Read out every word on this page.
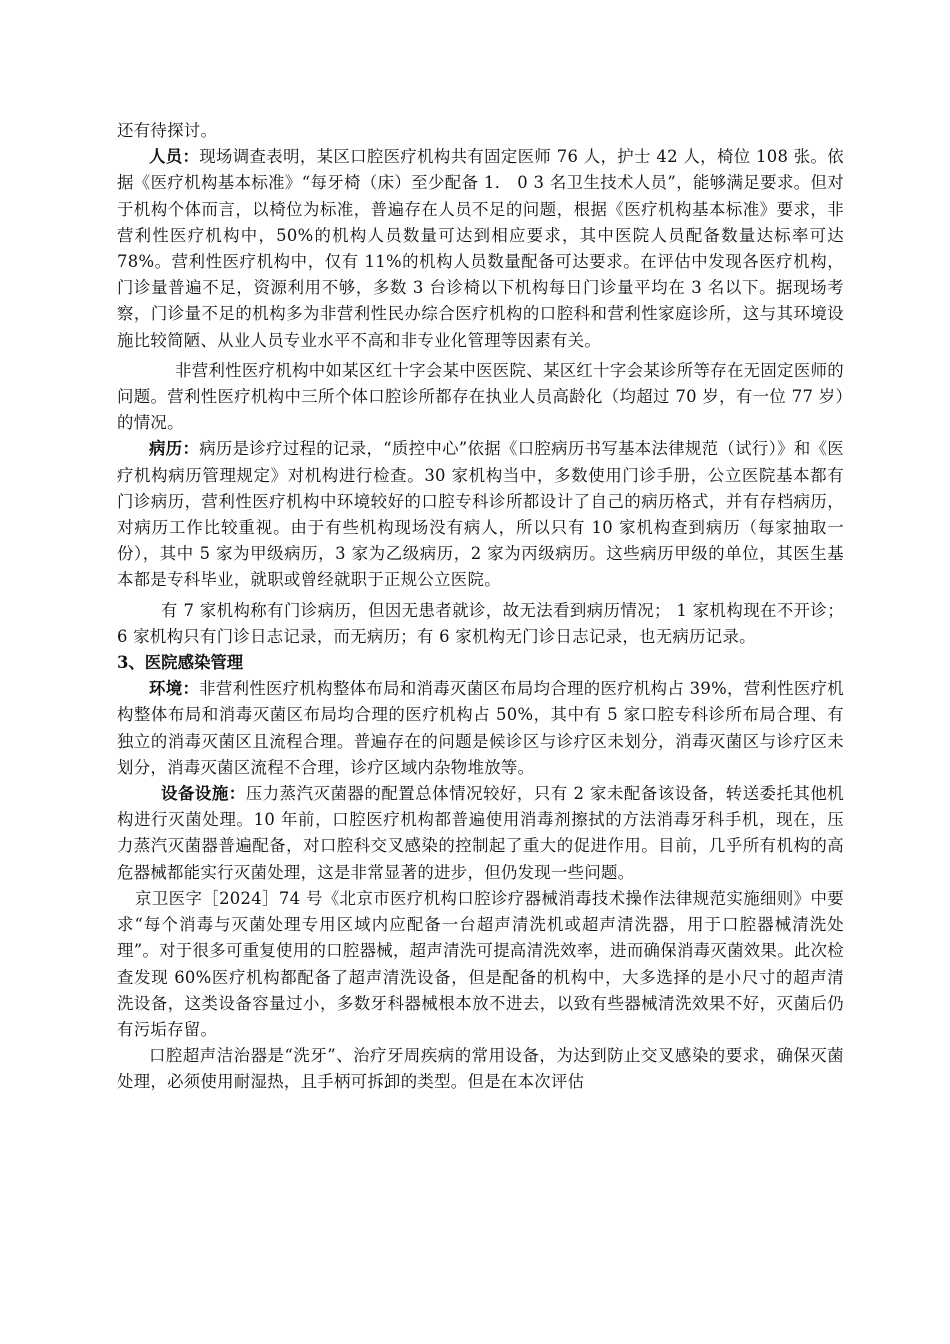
还有待探讨。

人员：现场调查表明，某区口腔医疗机构共有固定医师 76 人，护士 42 人，椅位 108 张。依据《医疗机构基本标准》“每牙椅（床）至少配备 1． 0 3 名卫生技术人员”，能够满足要求。但对于机构个体而言，以椅位为标准，普遍存在人员不足的问题，根据《医疗机构基本标准》要求，非营利性医疗机构中，50%的机构人员数量可达到相应要求，其中医院人员配备数量达标率可达 78%。营利性医疗机构中，仅有 11%的机构人员数量配备可达要求。在评估中发现各医疗机构，门诊量普遍不足，资源利用不够，多数 3 台诊椅以下机构每日门诊量平均在 3 名以下。据现场考察，门诊量不足的机构多为非营利性民办综合医疗机构的口腔科和营利性家庭诊所，这与其环境设施比较简陋、从业人员专业水平不高和非专业化管理等因素有关。

非营利性医疗机构中如某区红十字会某中医医院、某区红十字会某诊所等存在无固定医师的问题。营利性医疗机构中三所个体口腔诊所都存在执业人员高龄化（均超过 70 岁，有一位 77 岁）的情况。

病历：病历是诊疗过程的记录，“质控中心”依据《口腔病历书写基本法律规范（试行）》和《医疗机构病历管理规定》对机构进行检查。30 家机构当中，多数使用门诊手册，公立医院基本都有门诊病历，营利性医疗机构中环境较好的口腔专科诊所都设计了自己的病历格式，并有存档病历，对病历工作比较重视。由于有些机构现场没有病人，所以只有 10 家机构查到病历（每家抽取一份），其中 5 家为甲级病历，3 家为乙级病历，2 家为丙级病历。这些病历甲级的单位，其医生基本都是专科毕业，就职或曾经就职于正规公立医院。

有 7 家机构称有门诊病历，但因无患者就诊，故无法看到病历情况； 1 家机构现在不开诊； 6 家机构只有门诊日志记录，而无病历；有 6 家机构无门诊日志记录，也无病历记录。

3、医院感染管理

环境：非营利性医疗机构整体布局和消毒灭菌区布局均合理的医疗机构占 39%，营利性医疗机构整体布局和消毒灭菌区布局均合理的医疗机构占 50%，其中有 5 家口腔专科诊所布局合理、有独立的消毒灭菌区且流程合理。普遍存在的问题是候诊区与诊疗区未划分，消毒灭菌区与诊疗区未划分，消毒灭菌区流程不合理，诊疗区域内杂物堆放等。

设备设施：压力蒸汽灭菌器的配置总体情况较好，只有 2 家未配备该设备，转送委托其他机构进行灭菌处理。10 年前，口腔医疗机构都普遍使用消毒剂擦拭的方法消毒牙科手机，现在，压力蒸汽灭菌器普遍配备，对口腔科交叉感染的控制起了重大的促进作用。目前，几乎所有机构的高危器械都能实行灭菌处理，这是非常显著的进步，但仍发现一些问题。

京卫医字［2024］74 号《北京市医疗机构口腔诊疗器械消毒技术操作法律规范实施细则》中要求“每个消毒与灭菌处理专用区域内应配备一台超声清洗机或超声清洗器，用于口腔器械清洗处理”。对于很多可重复使用的口腔器械，超声清洗可提高清洗效率，进而确保消毒灭菌效果。此次检查发现 60%医疗机构都配备了超声清洗设备，但是配备的机构中，大多选择的是小尺寸的超声清洗设备，这类设备容量过小，多数牙科器械根本放不进去，以致有些器械清洗效果不好，灭菌后仍有污垢存留。

口腔超声洁治器是“洗牙”、治疗牙周疾病的常用设备，为达到防止交叉感染的要求，确保灭菌处理，必须使用耐湿热，且手柄可拆卸的类型。但是在本次评估
